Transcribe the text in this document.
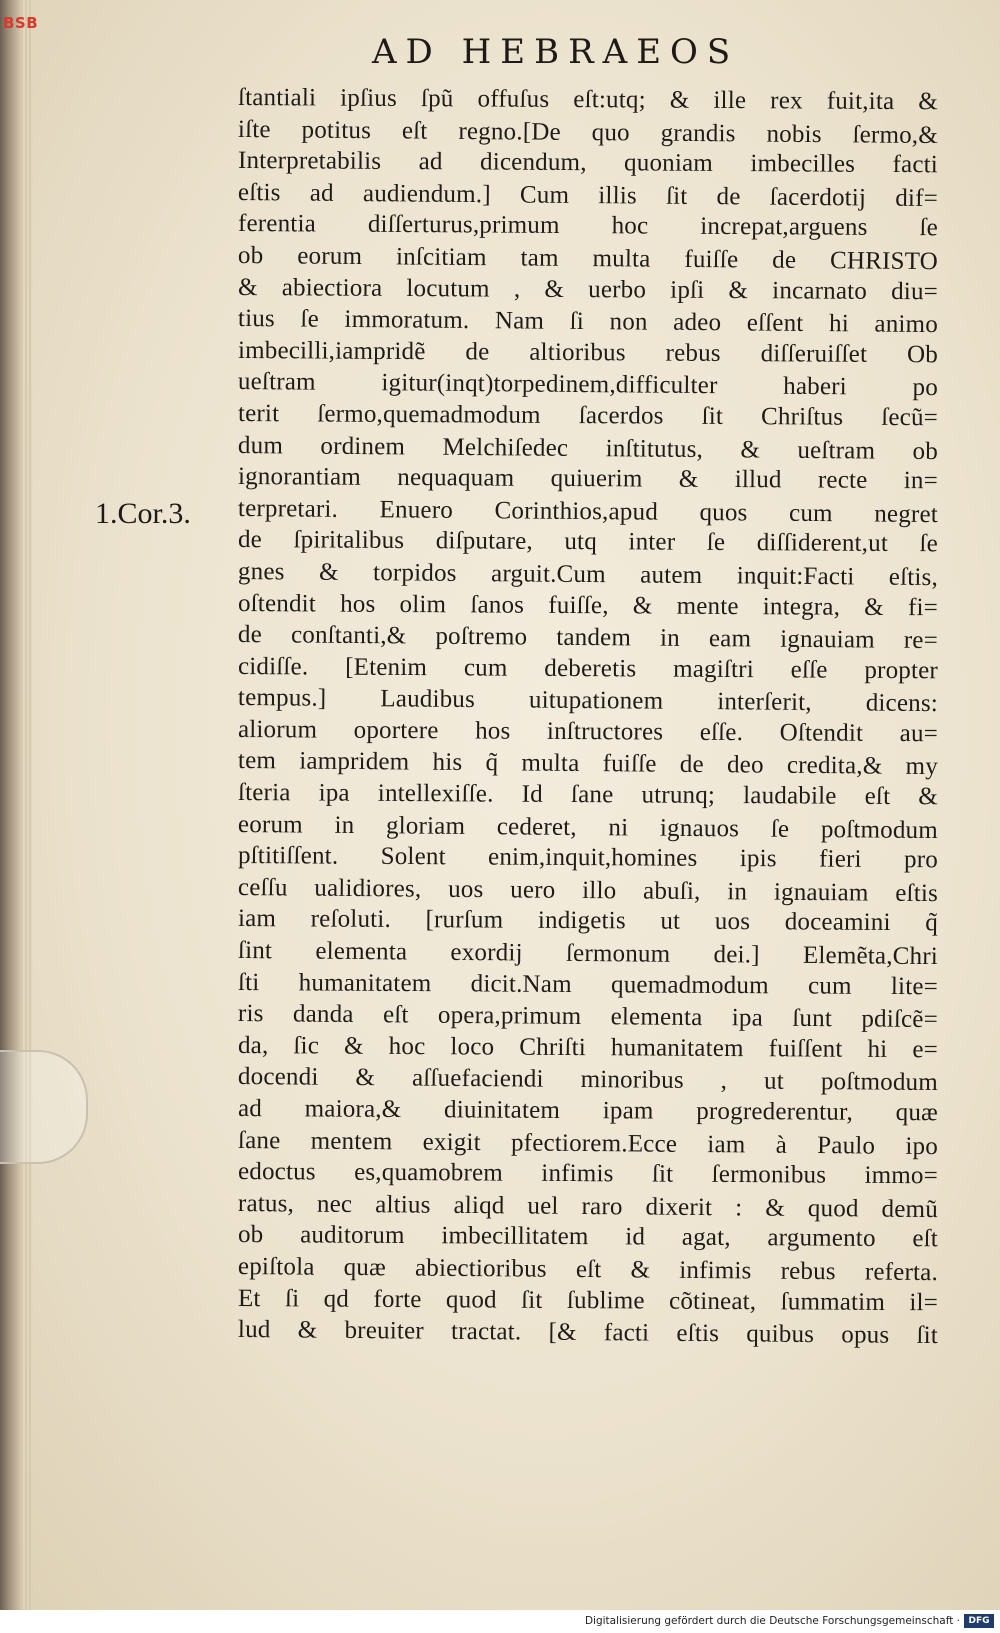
BSB
AD HEBRAEOS
1.Cor.3.
ſtantiali ipſius ſpũ offuſus eſt:utq; & ille rex fuit,ita &
iſte potitus eſt regno.[De quo grandis nobis ſermo,&
Interpretabilis ad dicendum, quoniam imbecilles facti
eſtis ad audiendum.] Cum illis ſit de ſacerdotij dif=
ferentia diſſerturus,primum hoc increpat,arguens ſe
ob eorum inſcitiam tam multa fuiſſe de CHRISTO
& abiectiora locutum , & uerbo ipſi & incarnato diu=
tius ſe immoratum. Nam ſi non adeo eſſent hi animo
imbecilli,iampridẽ de altioribus rebus diſſeruiſſet Ob
ueſtram igitur(inqt)torpedinem,difficulter haberi po
terit ſermo,quemadmodum ſacerdos ſit Chriſtus ſecũ=
dum ordinem Melchiſedec inſtitutus, & ueſtram ob
ignorantiam nequaquam quiuerim & illud recte in=
terpretari. Enuero Corinthios,apud quos cum negret
de ſpiritalibus diſputare, utq inter ſe diſſiderent,ut ſe
gnes & torpidos arguit.Cum autem inquit:Facti eſtis,
oſtendit hos olim ſanos fuiſſe, & mente integra, & fi=
de conſtanti,& poſtremo tandem in eam ignauiam re=
cidiſſe. [Etenim cum deberetis magiſtri eſſe propter
tempus.] Laudibus uitupationem interſerit, dicens:
aliorum oportere hos inſtructores eſſe. Oſtendit au=
tem iampridem his q̃ multa fuiſſe de deo credita,& my
ſteria ipa intellexiſſe. Id ſane utrunq; laudabile eſt &
eorum in gloriam cederet, ni ignauos ſe poſtmodum
pſtitiſſent. Solent enim,inquit,homines ipis fieri pro
ceſſu ualidiores, uos uero illo abuſi, in ignauiam eſtis
iam reſoluti. [rurſum indigetis ut uos doceamini q̃
ſint elementa exordij ſermonum dei.] Elemẽta,Chri
ſti humanitatem dicit.Nam quemadmodum cum lite=
ris danda eſt opera,primum elementa ipa ſunt pdiſcẽ=
da, ſic & hoc loco Chriſti humanitatem fuiſſent hi e=
docendi & aſſuefaciendi minoribus , ut poſtmodum
ad maiora,& diuinitatem ipam progrederentur, quæ
ſane mentem exigit pfectiorem.Ecce iam à Paulo ipo
edoctus es,quamobrem infimis ſit ſermonibus immo=
ratus, nec altius aliqd uel raro dixerit : & quod demũ
ob auditorum imbecillitatem id agat, argumento eſt
epiſtola quæ abiectioribus eſt & infimis rebus referta.
Et ſi qd forte quod ſit ſublime cõtineat, ſummatim il=
lud & breuiter tractat. [& facti eſtis quibus opus ſit
Digitalisierung gefördert durch die Deutsche Forschungsgemeinschaft · DFG
